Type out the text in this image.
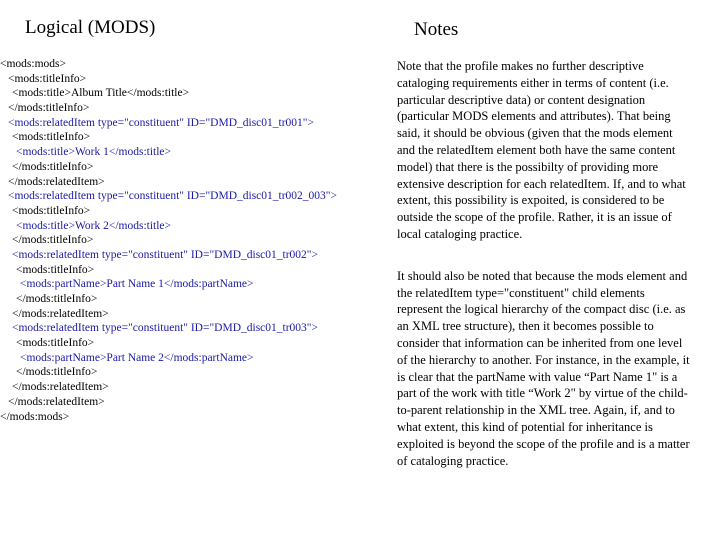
Logical (MODS)	Notes
<mods:mods>
<mods:titleInfo>
<mods:title>Album Title</mods:title>
</mods:titleInfo>
<mods:relatedItem type="constituent" ID="DMD_disc01_tr001">
<mods:titleInfo>
<mods:title>Work 1</mods:title>
</mods:titleInfo>
</mods:relatedItem>
<mods:relatedItem type="constituent" ID="DMD_disc01_tr002_003">
<mods:titleInfo>
<mods:title>Work 2</mods:title>
</mods:titleInfo>
<mods:relatedItem type="constituent" ID="DMD_disc01_tr002">
<mods:titleInfo>
<mods:partName>Part Name 1</mods:partName>
</mods:titleInfo>
</mods:relatedItem>
<mods:relatedItem type="constituent" ID="DMD_disc01_tr003">
<mods:titleInfo>
<mods:partName>Part Name 2</mods:partName>
</mods:titleInfo>
</mods:relatedItem>
</mods:relatedItem>
</mods:mods>

Note that the profile makes no further descriptive cataloging requirements either in terms of content (i.e. particular descriptive data) or content designation (particular MODS elements and attributes). That being said, it should be obvious (given that the mods element and the relatedItem element both have the same content model) that there is the possibilty of providing more extensive description for each relatedItem. If, and to what extent, this possibility is expoited, is considered to be outside the scope of the profile. Rather, it is an issue of local cataloging practice.

It should also be noted that because the mods element and the relatedItem type="constituent" child elements represent the logical hierarchy of the compact disc (i.e. as an XML tree structure), then it becomes possible to consider that information can be inherited from one level of the hierarchy to another. For instance, in the example, it is clear that the partName with value “Part Name 1" is a part of the work with title “Work 2" by virtue of the child-to-parent relationship in the XML tree. Again, if, and to what extent, this kind of potential for inheritance is exploited is beyond the scope of the profile and is a matter of cataloging practice.
